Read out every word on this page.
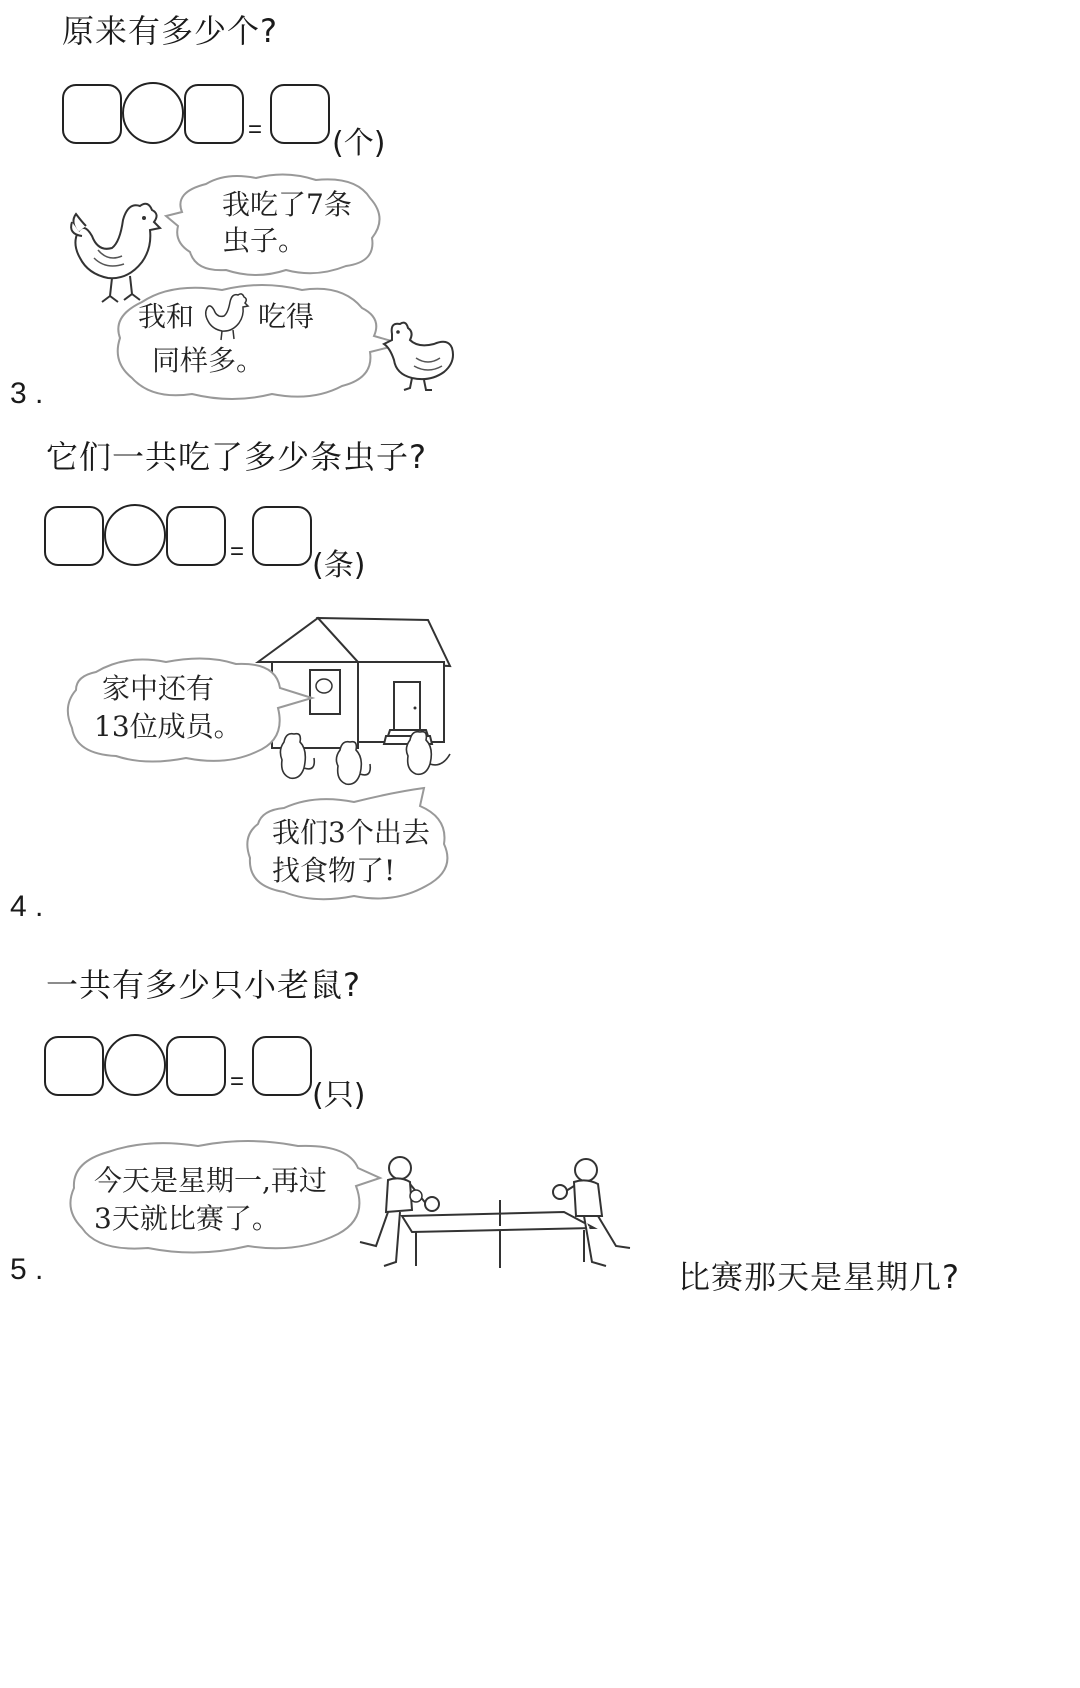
原来有多少个?
= (个)
我吃了7条
虫子。
我和 吃得
同样多。
3 .
它们一共吃了多少条虫子?
= (条)
家中还有
13位成员。
我们3个出去
找食物了!
4 .
一共有多少只小老鼠?
= (只)
今天是星期一,再过
3天就比赛了。
5 .	比赛那天是星期几?
